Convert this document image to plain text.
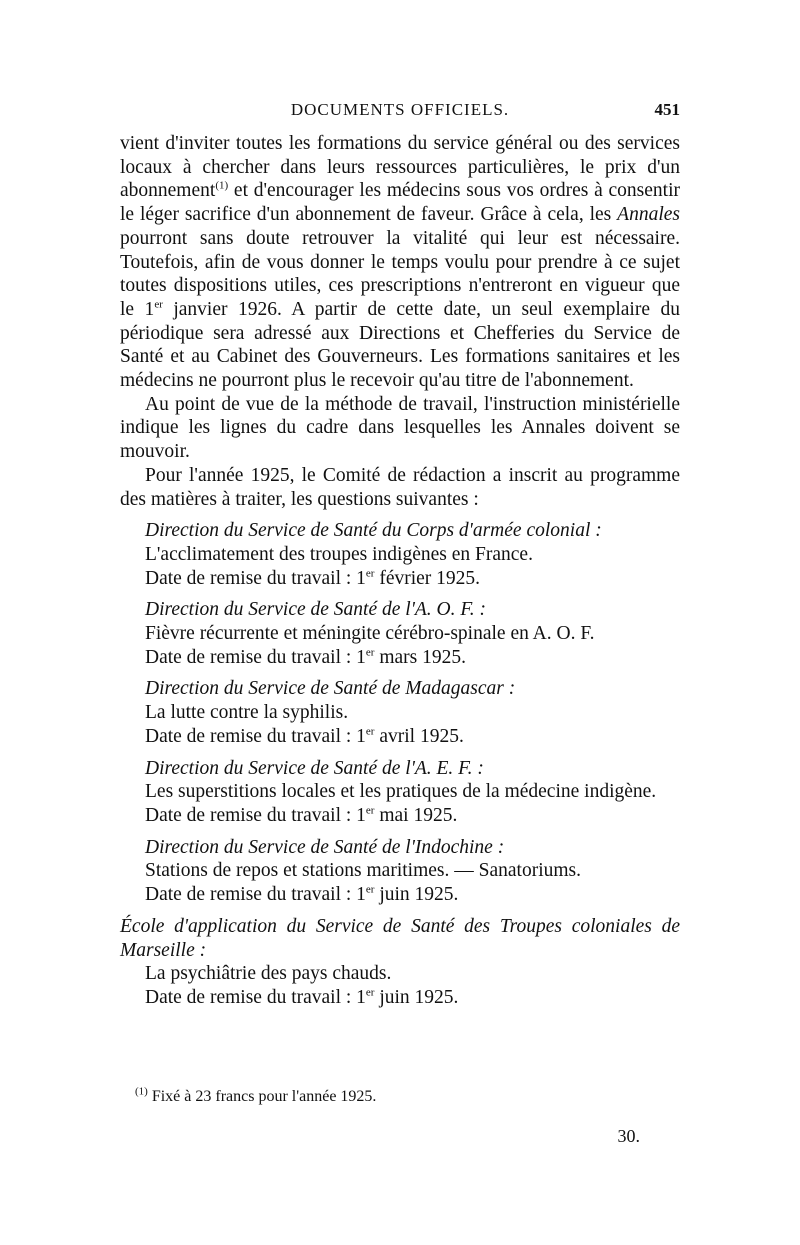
DOCUMENTS OFFICIELS.	451

vient d'inviter toutes les formations du service général ou des services locaux à chercher dans leurs ressources particulières, le prix d'un abonnement$^{(1)}$ et d'encourager les médecins sous vos ordres à consentir le léger sacrifice d'un abonnement de faveur. Grâce à cela, les Annales pourront sans doute retrouver la vitalité qui leur est nécessaire. Toutefois, afin de vous donner le temps voulu pour prendre à ce sujet toutes dispositions utiles, ces prescriptions n'entreront en vigueur que le 1er janvier 1926. A partir de cette date, un seul exemplaire du périodique sera adressé aux Directions et Chefferies du Service de Santé et au Cabinet des Gouverneurs. Les formations sanitaires et les médecins ne pourront plus le recevoir qu'au titre de l'abonnement.

Au point de vue de la méthode de travail, l'instruction ministérielle indique les lignes du cadre dans lesquelles les Annales doivent se mouvoir.

Pour l'année 1925, le Comité de rédaction a inscrit au programme des matières à traiter, les questions suivantes :

Direction du Service de Santé du Corps d'armée colonial :

L'acclimatement des troupes indigènes en France.

Date de remise du travail : 1er février 1925.

Direction du Service de Santé de l'A. O. F. :

Fièvre récurrente et méningite cérébro-spinale en A. O. F.

Date de remise du travail : 1er mars 1925.

Direction du Service de Santé de Madagascar :

La lutte contre la syphilis.

Date de remise du travail : 1er avril 1925.

Direction du Service de Santé de l'A. E. F. :

Les superstitions locales et les pratiques de la médecine indigène.

Date de remise du travail : 1er mai 1925.

Direction du Service de Santé de l'Indochine :

Stations de repos et stations maritimes. — Sanatoriums.

Date de remise du travail : 1er juin 1925.

École d'application du Service de Santé des Troupes coloniales de Marseille :

La psychiâtrie des pays chauds.

Date de remise du travail : 1er juin 1925.

$^{(1)}$ Fixé à 23 francs pour l'année 1925.
30.
